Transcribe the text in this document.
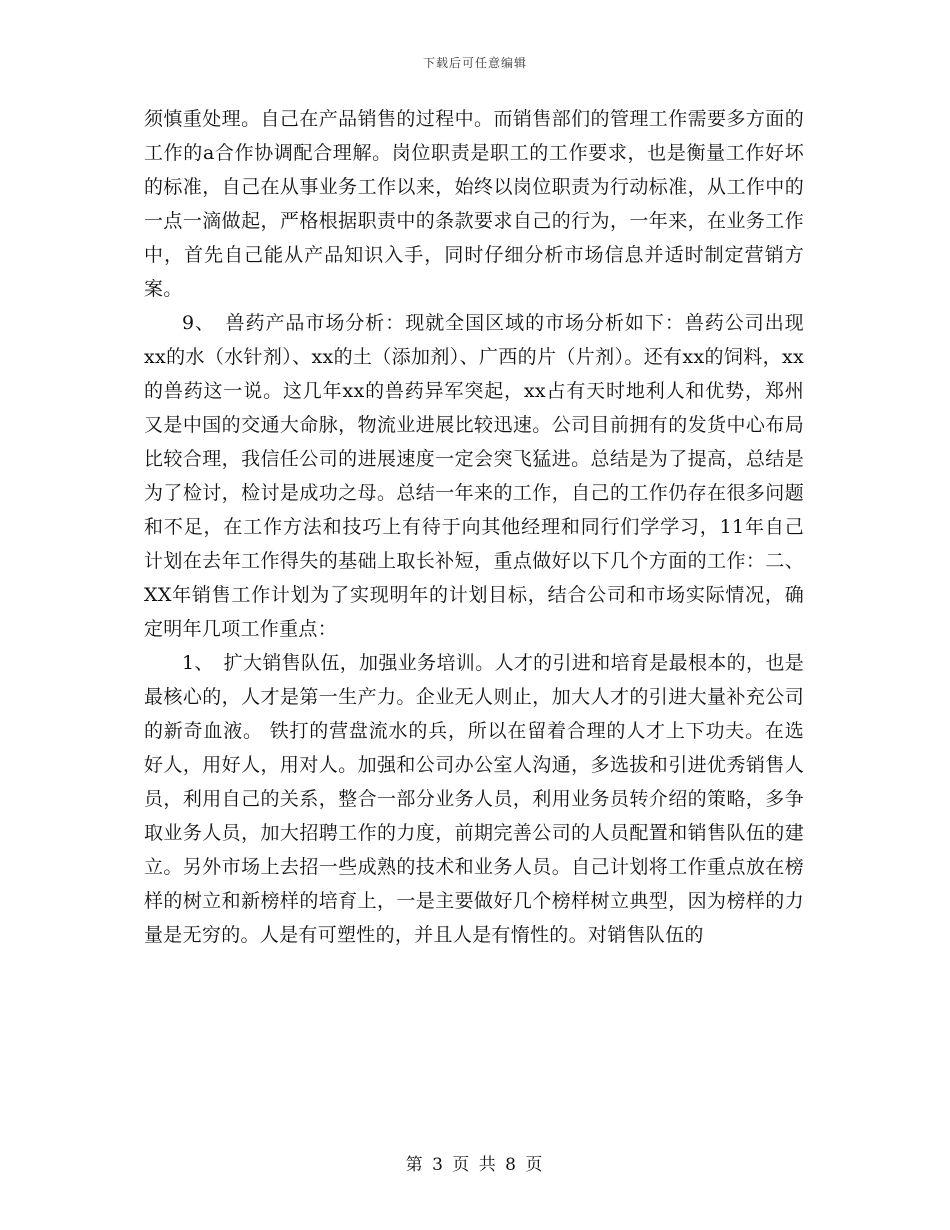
下载后可任意编辑

须慎重处理。自己在产品销售的过程中。而销售部们的管理工作需要多方面的工作的a合作协调配合理解。岗位职责是职工的工作要求，也是衡量工作好坏的标准，自己在从事业务工作以来，始终以岗位职责为行动标准，从工作中的一点一滴做起，严格根据职责中的条款要求自己的行为，一年来，在业务工作中，首先自己能从产品知识入手，同时仔细分析市场信息并适时制定营销方案。

9、　兽药产品市场分析：现就全国区域的市场分析如下：兽药公司出现 xx的水（水针剂）、xx的土（添加剂）、广西的片（片剂）。还有xx的饲料，xx的兽药这一说。这几年xx的兽药异军突起，xx占有天时地利人和优势，郑州又是中国的交通大命脉，物流业进展比较迅速。公司目前拥有的发货中心布局比较合理，我信任公司的进展速度一定会突飞猛进。总结是为了提高，总结是为了检讨，检讨是成功之母。总结一年来的工作，自己的工作仍存在很多问题和不足，在工作方法和技巧上有待于向其他经理和同行们学学习，11年自己计划在去年工作得失的基础上取长补短，重点做好以下几个方面的工作：二、XX年销售工作计划为了实现明年的计划目标，结合公司和市场实际情况，确定明年几项工作重点：

1、　扩大销售队伍，加强业务培训。人才的引进和培育是最根本的，也是最核心的，人才是第一生产力。企业无人则止，加大人才的引进大量补充公司的新奇血液。 铁打的营盘流水的兵，所以在留着合理的人才上下功夫。在选好人，用好人，用对人。加强和公司办公室人沟通，多选拔和引进优秀销售人员，利用自己的关系，整合一部分业务人员，利用业务员转介绍的策略，多争取业务人员，加大招聘工作的力度，前期完善公司的人员配置和销售队伍的建立。另外市场上去招一些成熟的技术和业务人员。自己计划将工作重点放在榜样的树立和新榜样的培育上，一是主要做好几个榜样树立典型，因为榜样的力量是无穷的。人是有可塑性的，并且人是有惰性的。对销售队伍的

第 3 页 共 8 页
